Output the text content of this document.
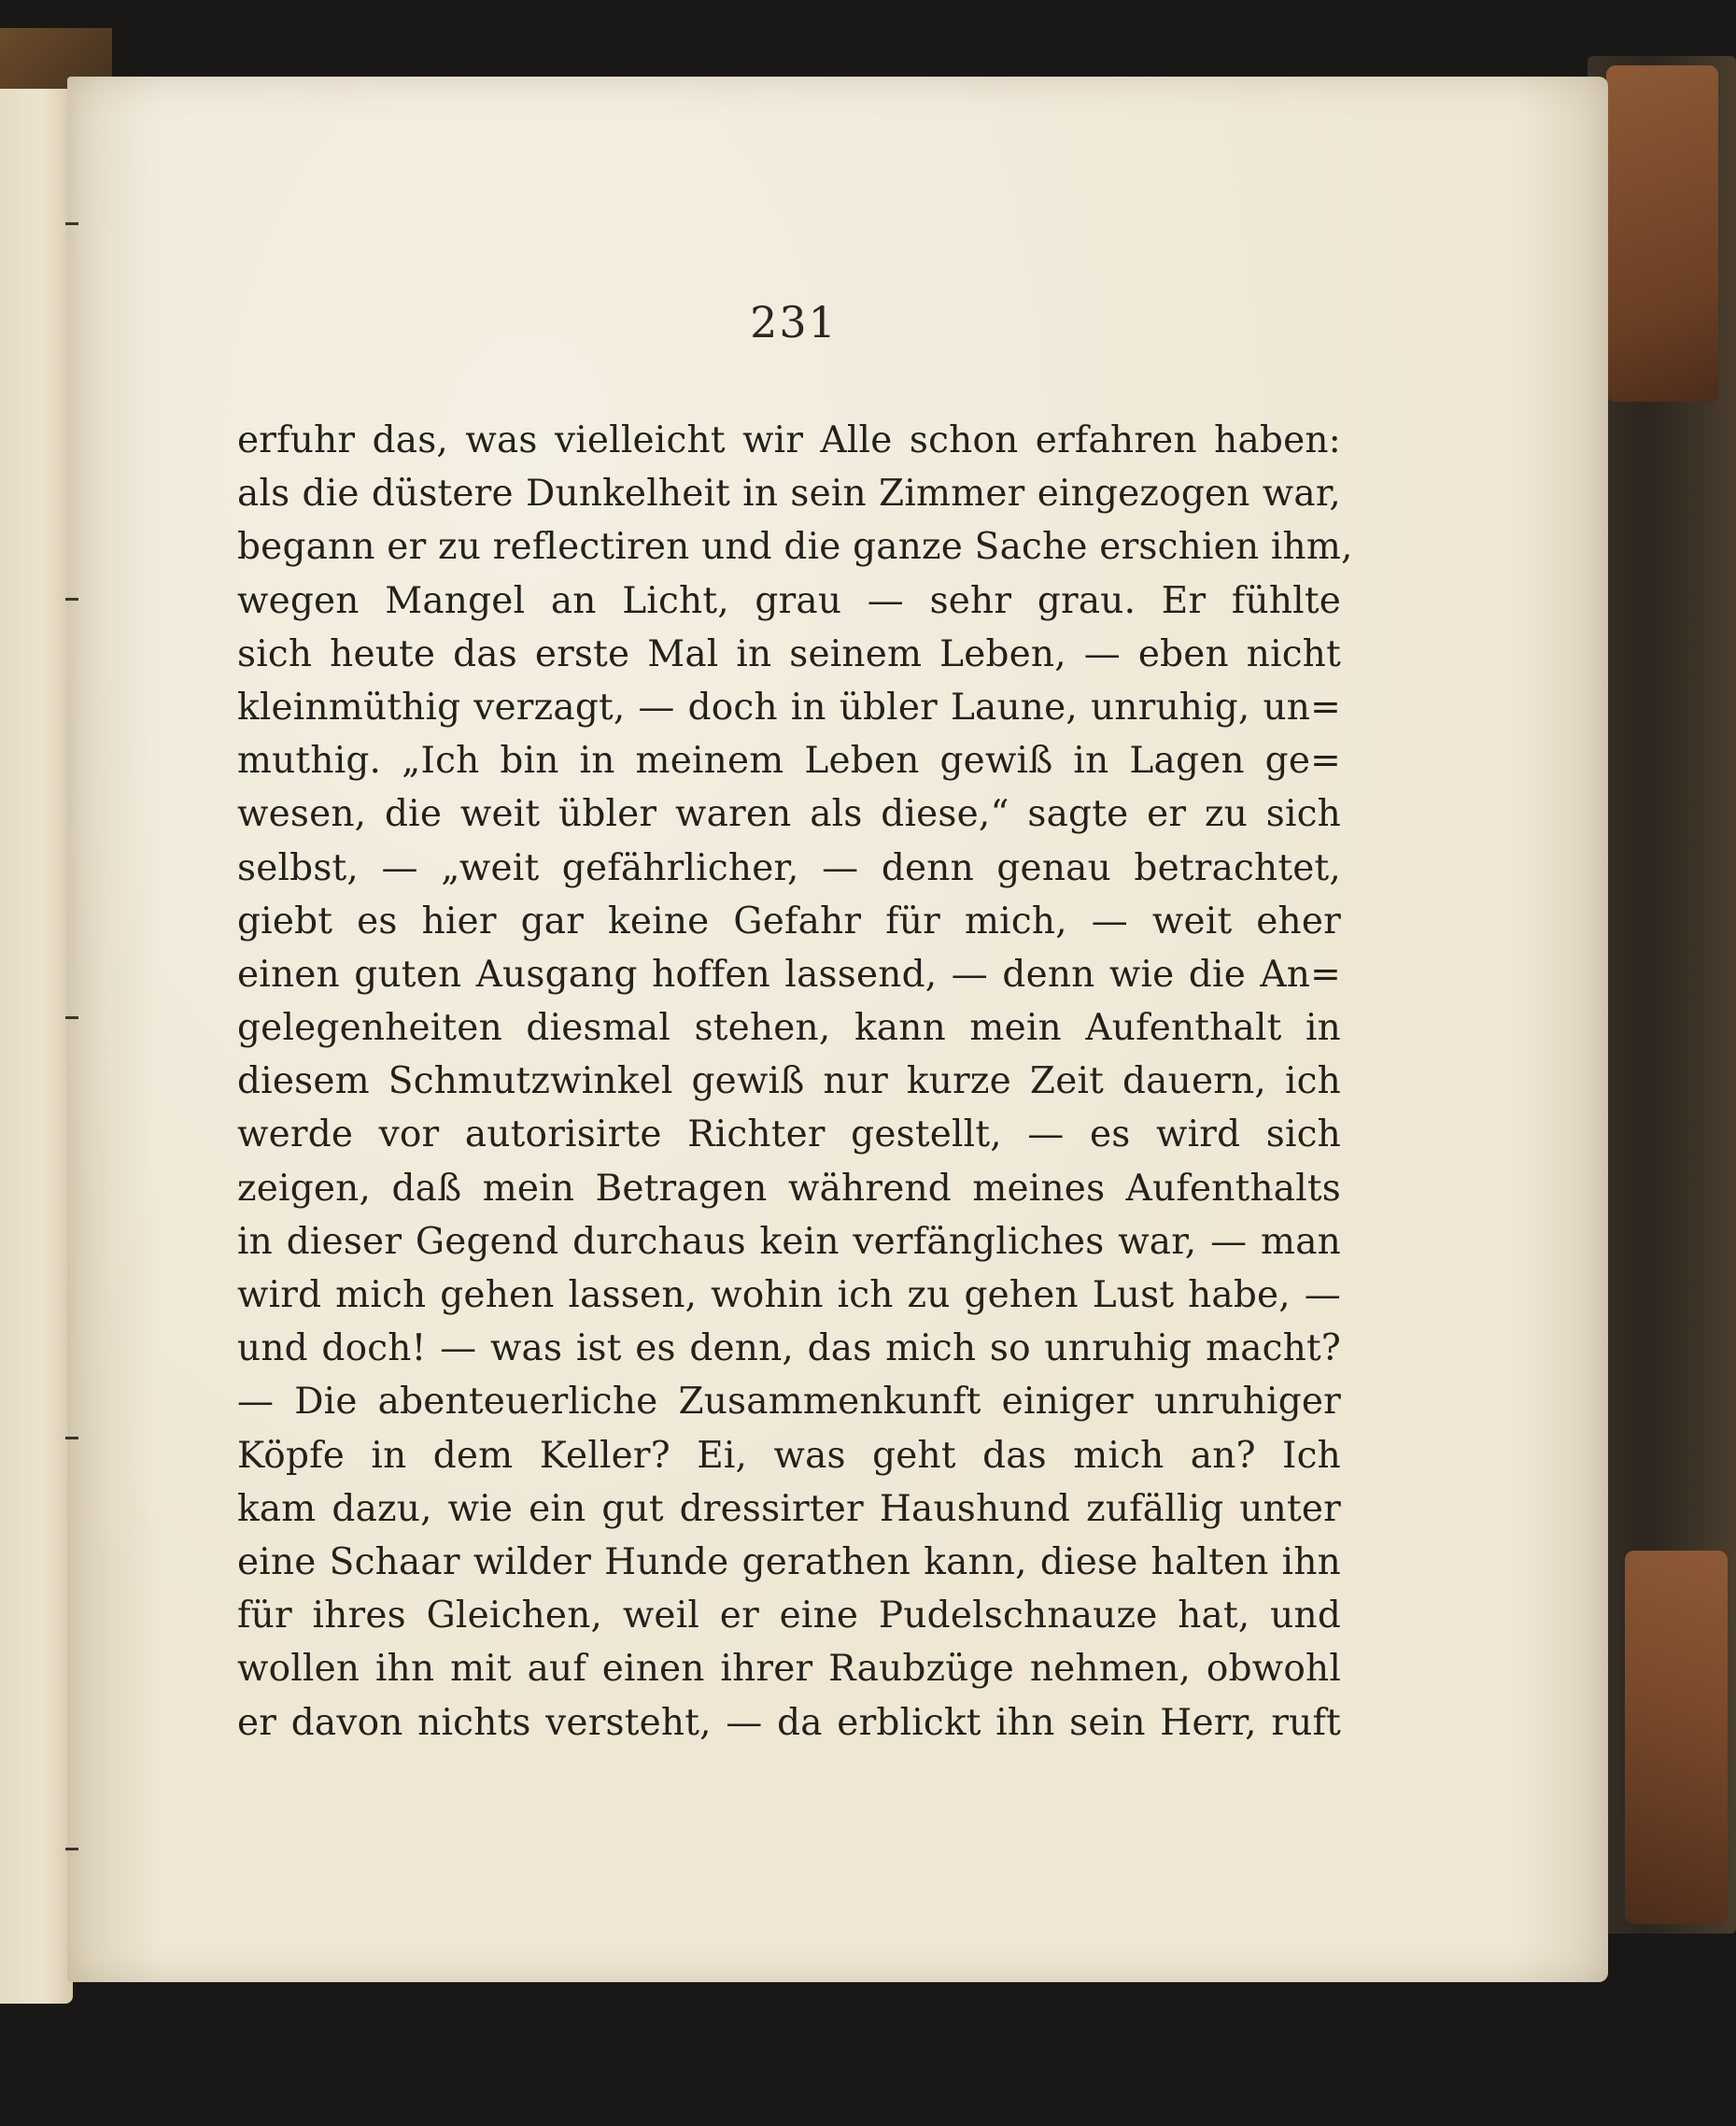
231

erfuhr das, was vielleicht wir Alle schon erfahren haben:
als die düstere Dunkelheit in sein Zimmer eingezogen war,
begann er zu reflectiren und die ganze Sache erschien ihm,
wegen Mangel an Licht, grau — sehr grau. Er fühlte
sich heute das erste Mal in seinem Leben, — eben nicht
kleinmüthig verzagt, — doch in übler Laune, unruhig, un=
muthig. „Ich bin in meinem Leben gewiß in Lagen ge=
wesen, die weit übler waren als diese,“ sagte er zu sich
selbst, — „weit gefährlicher, — denn genau betrachtet,
giebt es hier gar keine Gefahr für mich, — weit eher
einen guten Ausgang hoffen lassend, — denn wie die An=
gelegenheiten diesmal stehen, kann mein Aufenthalt in
diesem Schmutzwinkel gewiß nur kurze Zeit dauern, ich
werde vor autorisirte Richter gestellt, — es wird sich
zeigen, daß mein Betragen während meines Aufenthalts
in dieser Gegend durchaus kein verfängliches war, — man
wird mich gehen lassen, wohin ich zu gehen Lust habe, —
und doch! — was ist es denn, das mich so unruhig macht?
— Die abenteuerliche Zusammenkunft einiger unruhiger
Köpfe in dem Keller? Ei, was geht das mich an? Ich
kam dazu, wie ein gut dressirter Haushund zufällig unter
eine Schaar wilder Hunde gerathen kann, diese halten ihn
für ihres Gleichen, weil er eine Pudelschnauze hat, und
wollen ihn mit auf einen ihrer Raubzüge nehmen, obwohl
er davon nichts versteht, — da erblickt ihn sein Herr, ruft
